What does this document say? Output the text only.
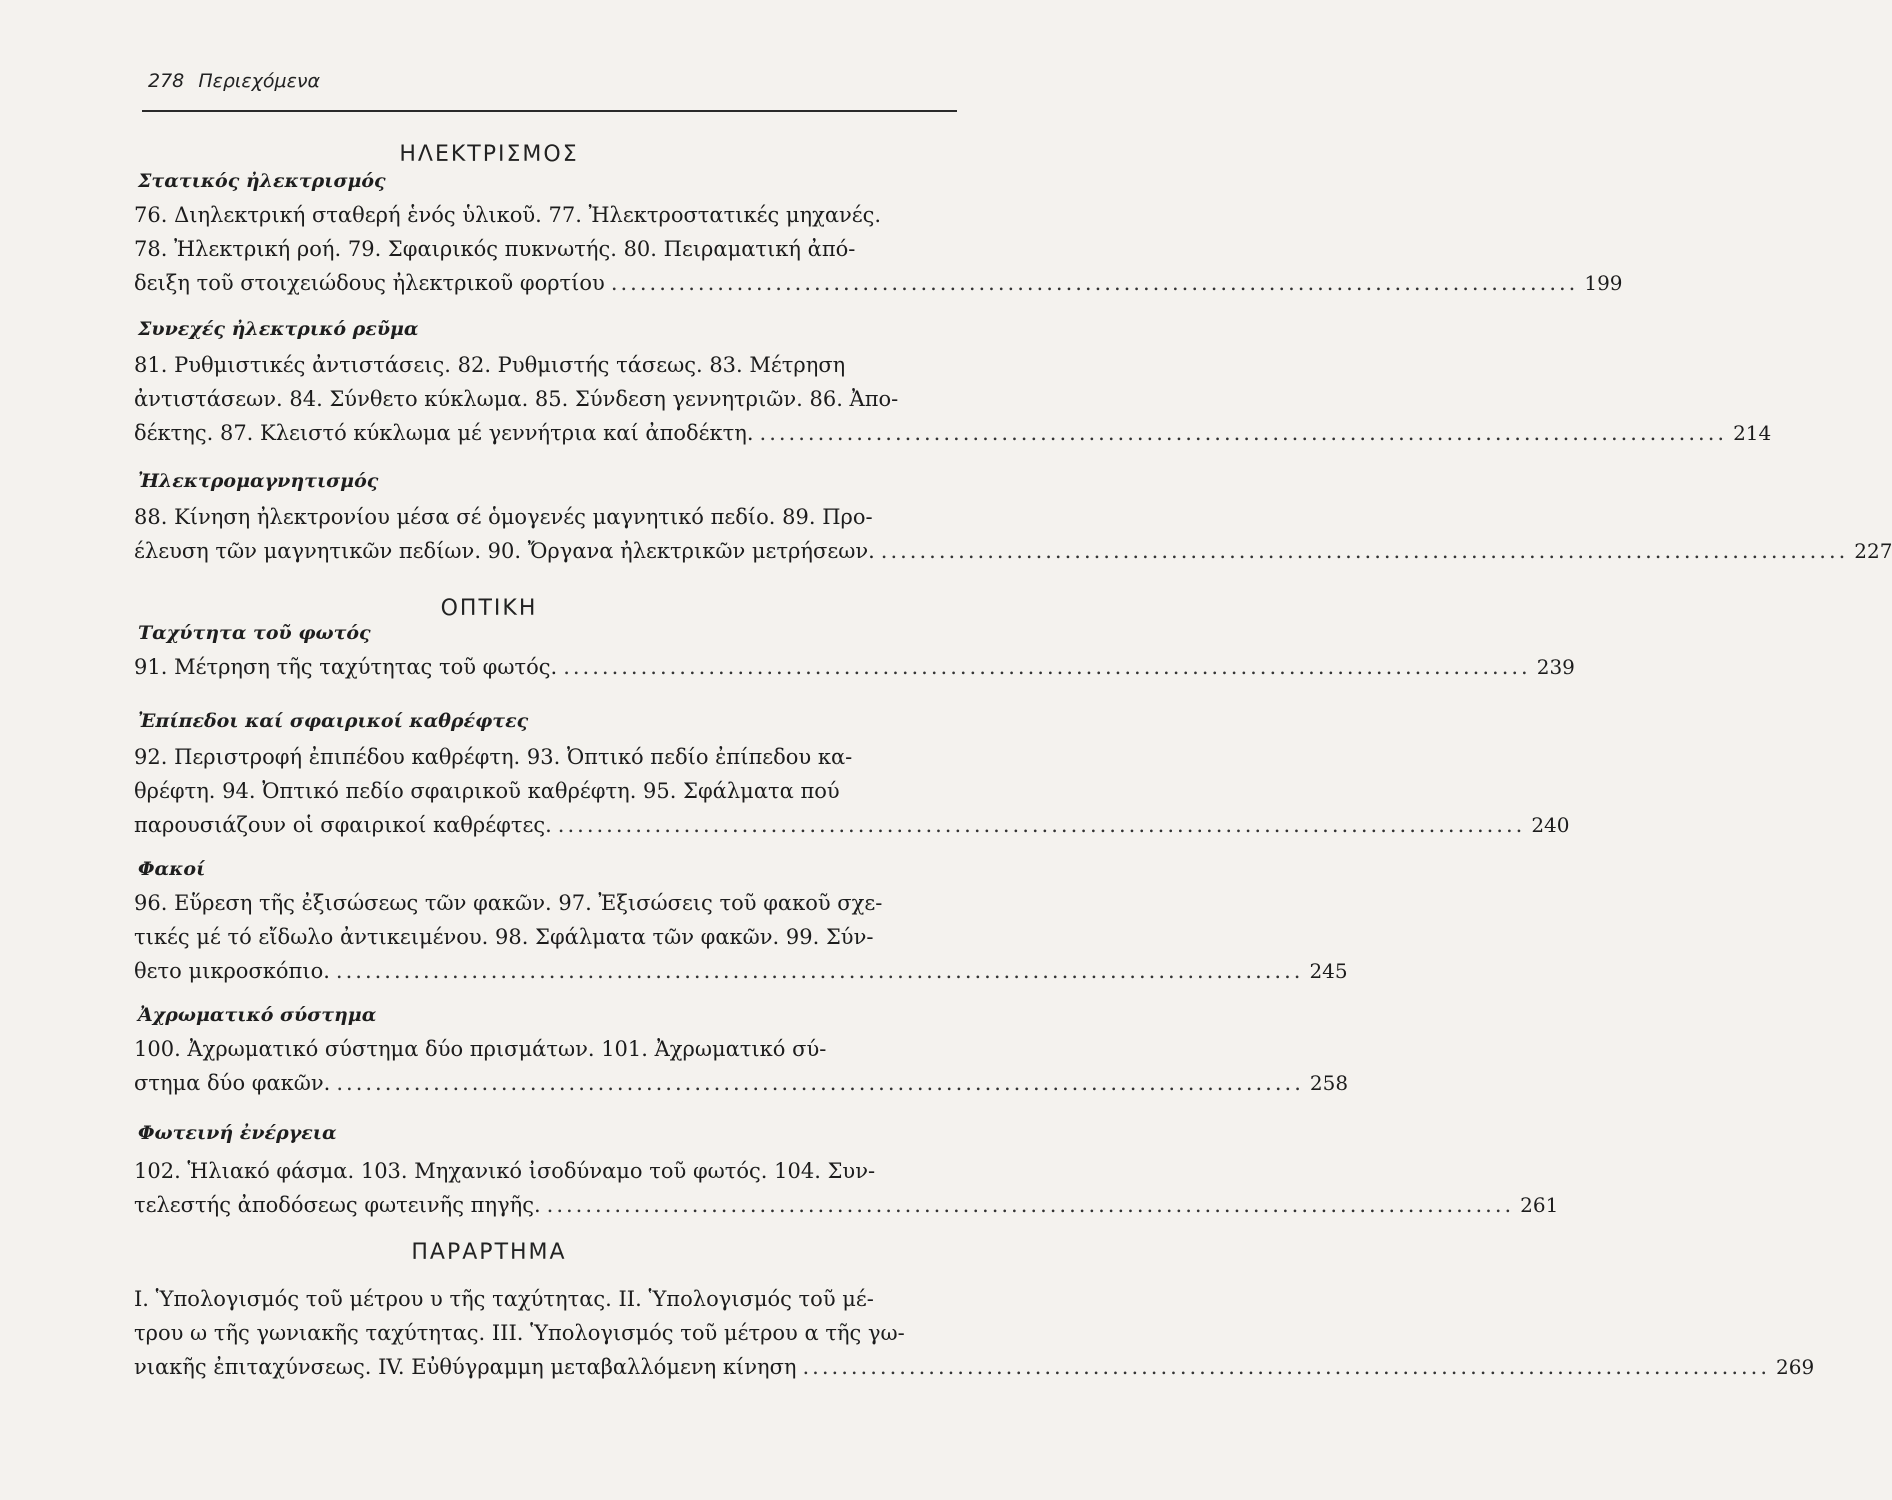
278 Περιεχόμενα
ΗΛΕΚΤΡΙΣΜΟΣ
Στατικός ἠλεκτρισμός
76. Διηλεκτρική σταθερή ἑνός ὑλικοῦ. 77. Ἠλεκτροστατικές μηχανές.
78. Ἠλεκτρική ροή. 79. Σφαιρικός πυκνωτής. 80. Πειραματική ἀπό-
δειξη τοῦ στοιχειώδους ἠλεκτρικοῦ φορτίου .................................................................................................... 199
Συνεχές ἠλεκτρικό ρεῦμα
81. Ρυθμιστικές ἀντιστάσεις. 82. Ρυθμιστής τάσεως. 83. Μέτρηση
ἀντιστάσεων. 84. Σύνθετο κύκλωμα. 85. Σύνδεση γεννητριῶν. 86. Ἀπο-
δέκτης. 87. Κλειστό κύκλωμα μέ γεννήτρια καί ἀποδέκτη. .................................................................................................... 214
Ἠλεκτρομαγνητισμός
88. Κίνηση ἠλεκτρονίου μέσα σέ ὁμογενές μαγνητικό πεδίο. 89. Προ-
έλευση τῶν μαγνητικῶν πεδίων. 90. Ὄργανα ἠλεκτρικῶν μετρήσεων. .................................................................................................... 227
ΟΠΤΙΚΗ
Ταχύτητα τοῦ φωτός
91. Μέτρηση τῆς ταχύτητας τοῦ φωτός. .................................................................................................... 239
Ἐπίπεδοι καί σφαιρικοί καθρέφτες
92. Περιστροφή ἐπιπέδου καθρέφτη. 93. Ὀπτικό πεδίο ἐπίπεδου κα-
θρέφτη. 94. Ὀπτικό πεδίο σφαιρικοῦ καθρέφτη. 95. Σφάλματα πού
παρουσιάζουν οἱ σφαιρικοί καθρέφτες. .................................................................................................... 240
Φακοί
96. Εὕρεση τῆς ἐξισώσεως τῶν φακῶν. 97. Ἐξισώσεις τοῦ φακοῦ σχε-
τικές μέ τό εἴδωλο ἀντικειμένου. 98. Σφάλματα τῶν φακῶν. 99. Σύν-
θετο μικροσκόπιο. .................................................................................................... 245
Ἀχρωματικό σύστημα
100. Ἀχρωματικό σύστημα δύο πρισμάτων. 101. Ἀχρωματικό σύ-
στημα δύο φακῶν. .................................................................................................... 258
Φωτεινή ἐνέργεια
102. Ἡλιακό φάσμα. 103. Μηχανικό ἰσοδύναμο τοῦ φωτός. 104. Συν-
τελεστής ἀποδόσεως φωτεινῆς πηγῆς. .................................................................................................... 261
ΠΑΡΑΡΤΗΜΑ
I. Ὑπολογισμός τοῦ μέτρου υ τῆς ταχύτητας. II. Ὑπολογισμός τοῦ μέ-
τρου ω τῆς γωνιακῆς ταχύτητας. III. Ὑπολογισμός τοῦ μέτρου α τῆς γω-
νιακῆς ἐπιταχύνσεως. IV. Εὐθύγραμμη μεταβαλλόμενη κίνηση .................................................................................................... 269
